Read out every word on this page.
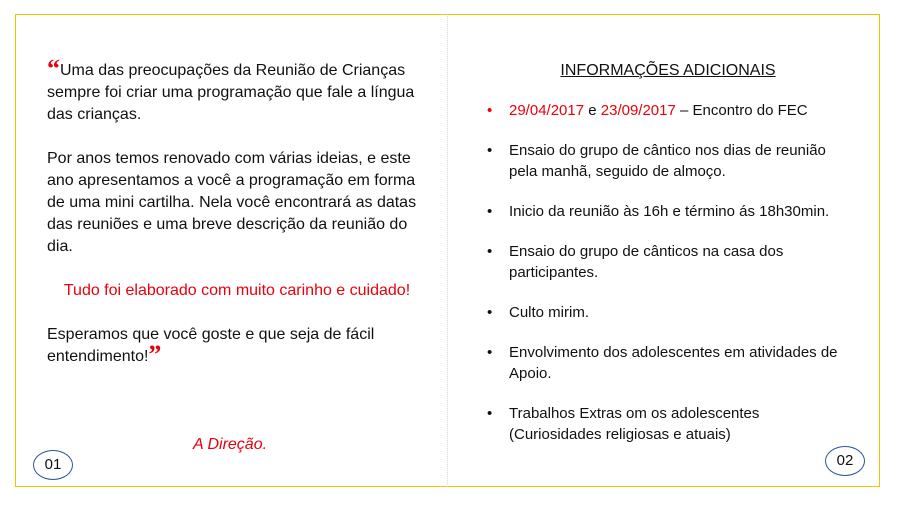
“Uma das preocupações da Reunião de Crianças sempre foi criar uma programação que fale a língua das crianças.

Por anos temos renovado com várias ideias, e este ano apresentamos a você a programação em forma de uma mini cartilha. Nela você encontrará as datas das reuniões e uma breve descrição da reunião do dia.

Tudo foi elaborado com muito carinho e cuidado!

Esperamos que você goste e que seja de fácil entendimento!”

A Direção.
01
INFORMAÇÕES ADICIONAIS
• 29/04/2017 e 23/09/2017 – Encontro do FEC
• Ensaio do grupo de cântico nos dias de reunião pela manhã, seguido de almoço.
• Inicio da reunião às 16h e término ás 18h30min.
• Ensaio do grupo de cânticos na casa dos participantes.
• Culto mirim.
• Envolvimento dos adolescentes em atividades de Apoio.
• Trabalhos Extras om os adolescentes (Curiosidades religiosas e atuais)
02
